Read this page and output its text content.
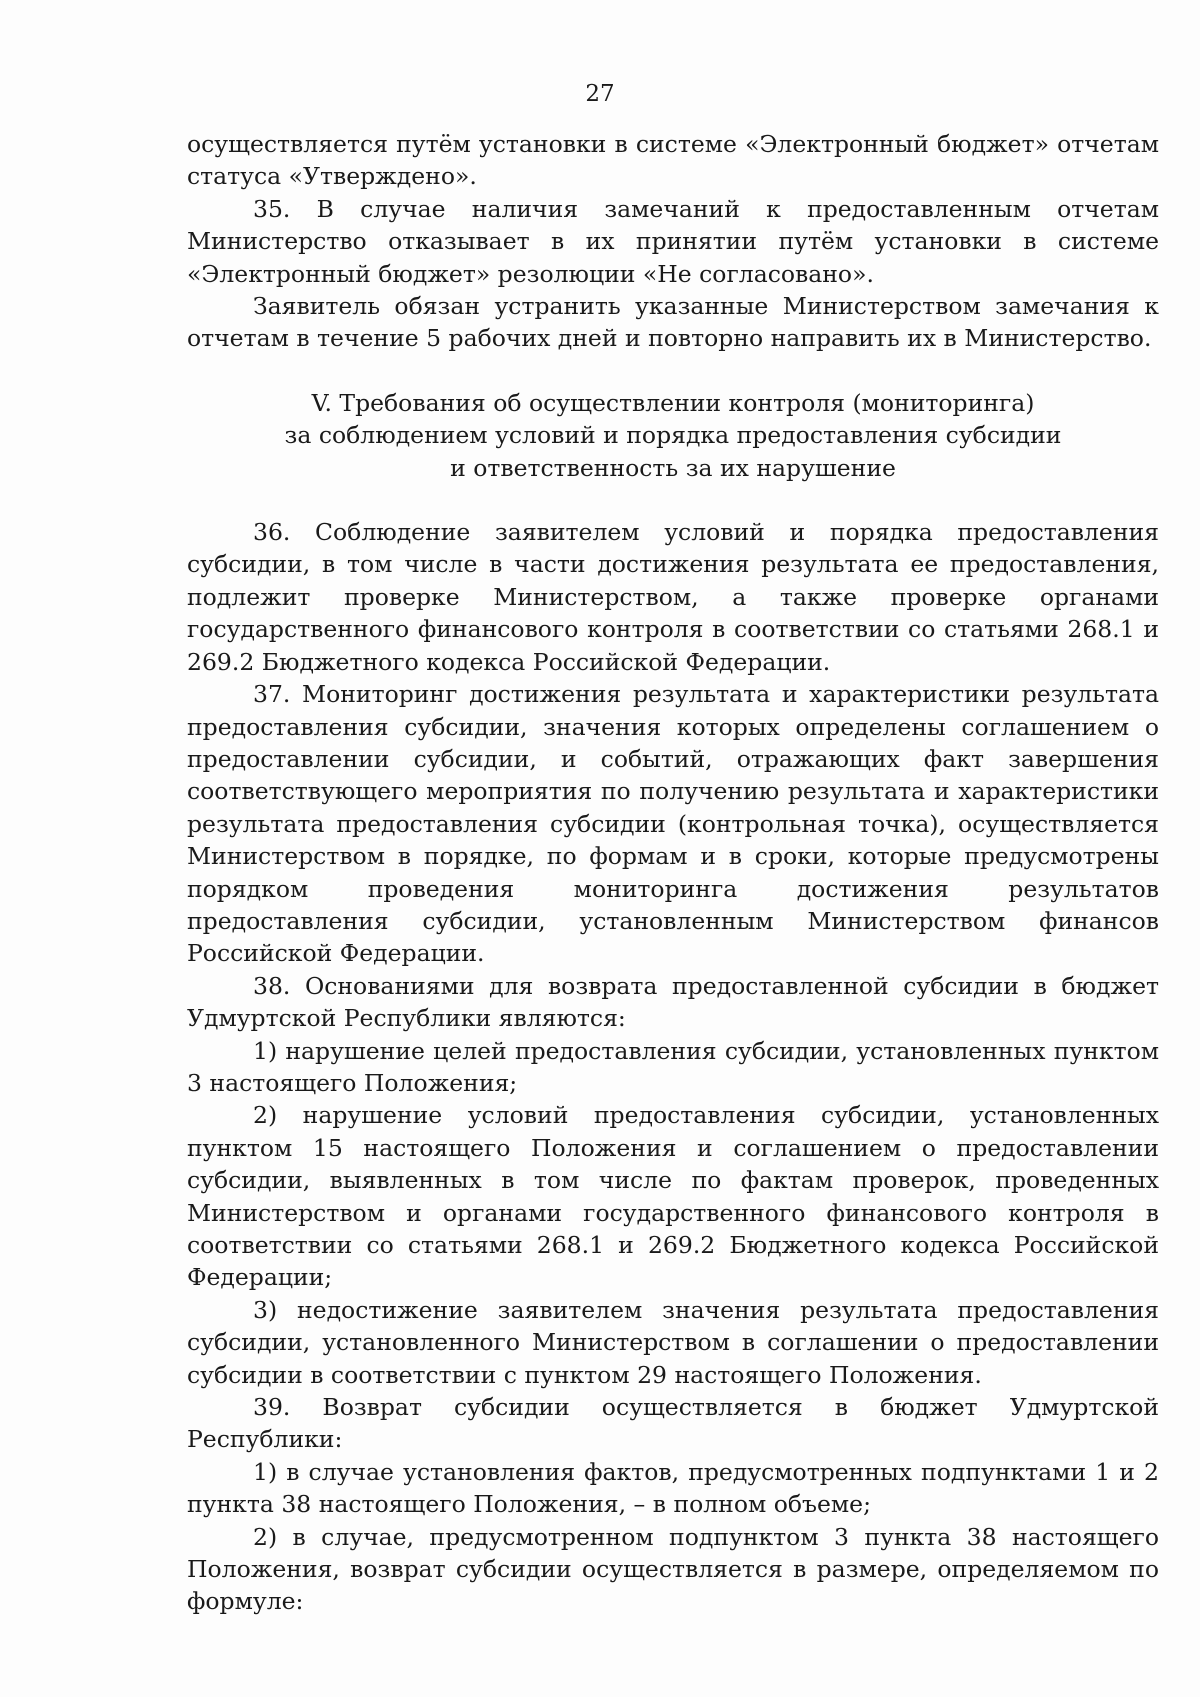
27

осуществляется путём установки в системе «Электронный бюджет» отчетам статуса «Утверждено».

35. В случае наличия замечаний к предоставленным отчетам Министерство отказывает в их принятии путём установки в системе «Электронный бюджет» резолюции «Не согласовано».

Заявитель обязан устранить указанные Министерством замечания к отчетам в течение 5 рабочих дней и повторно направить их в Министерство.

V. Требования об осуществлении контроля (мониторинга)
за соблюдением условий и порядка предоставления субсидии
и ответственность за их нарушение

36. Соблюдение заявителем условий и порядка предоставления субсидии, в том числе в части достижения результата ее предоставления, подлежит проверке Министерством, а также проверке органами государственного финансового контроля в соответствии со статьями 268.1 и 269.2 Бюджетного кодекса Российской Федерации.

37. Мониторинг достижения результата и характеристики результата предоставления субсидии, значения которых определены соглашением о предоставлении субсидии, и событий, отражающих факт завершения соответствующего мероприятия по получению результата и характеристики результата предоставления субсидии (контрольная точка), осуществляется Министерством в порядке, по формам и в сроки, которые предусмотрены порядком проведения мониторинга достижения результатов предоставления субсидии, установленным Министерством финансов Российской Федерации.

38. Основаниями для возврата предоставленной субсидии в бюджет Удмуртской Республики являются:

1) нарушение целей предоставления субсидии, установленных пунктом 3 настоящего Положения;

2) нарушение условий предоставления субсидии, установленных пунктом 15 настоящего Положения и соглашением о предоставлении субсидии, выявленных в том числе по фактам проверок, проведенных Министерством и органами государственного финансового контроля в соответствии со статьями 268.1 и 269.2 Бюджетного кодекса Российской Федерации;

3) недостижение заявителем значения результата предоставления субсидии, установленного Министерством в соглашении о предоставлении субсидии в соответствии с пунктом 29 настоящего Положения.

39. Возврат субсидии осуществляется в бюджет Удмуртской Республики:

1) в случае установления фактов, предусмотренных подпунктами 1 и 2 пункта 38 настоящего Положения, – в полном объеме;

2) в случае, предусмотренном подпунктом 3 пункта 38 настоящего Положения, возврат субсидии осуществляется в размере, определяемом по формуле:
